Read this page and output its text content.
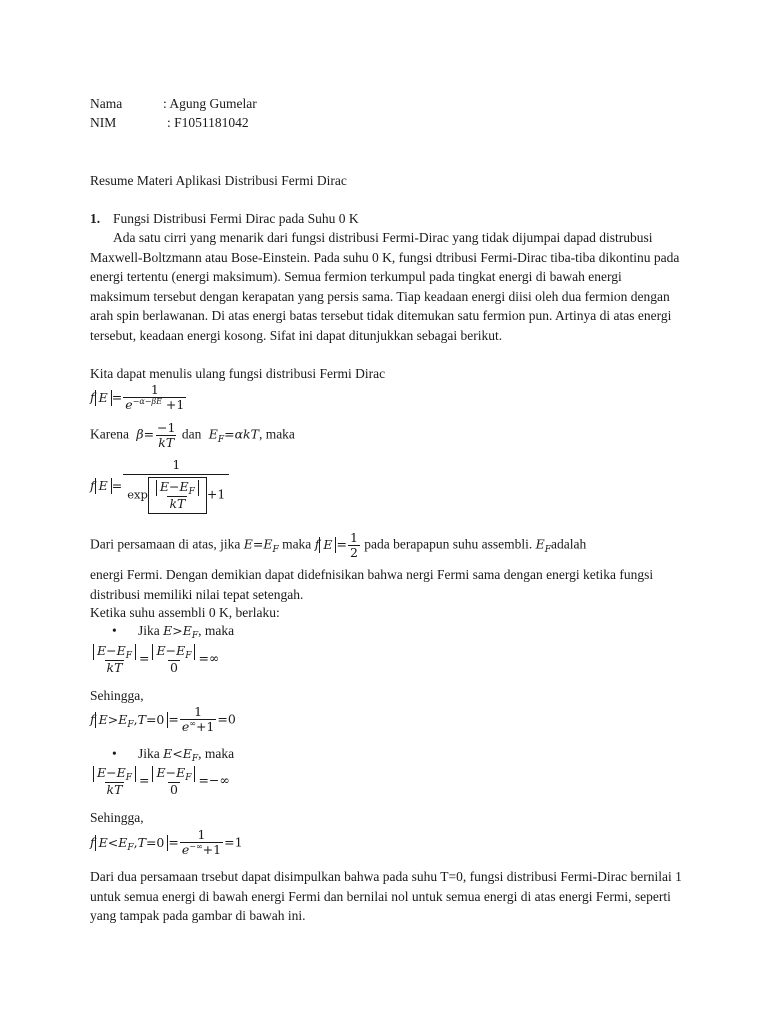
Nama	: Agung Gumelar
NIM	: F1051181042
Resume Materi Aplikasi Distribusi Fermi Dirac
1. Fungsi Distribusi Fermi Dirac pada Suhu 0 K
Ada satu cirri yang menarik dari fungsi distribusi Fermi-Dirac yang tidak dijumpai dapad distrubusi Maxwell-Boltzmann atau Bose-Einstein. Pada suhu 0 K, fungsi dtribusi Fermi-Dirac tiba-tiba dikontinu pada energi tertentu (energi maksimum). Semua fermion terkumpul pada tingkat energi di bawah energi maksimum tersebut dengan kerapatan yang persis sama. Tiap keadaan energi diisi oleh dua fermion dengan arah spin berlawanan. Di atas energi batas tersebut tidak ditemukan satu fermion pun. Artinya di atas energi tersebut, keadaan energi kosong. Sifat ini dapat ditunjukkan sebagai berikut.
Kita dapat menulis ulang fungsi distribusi Fermi Dirac
f $E = \frac{1}{e^{-\alpha-\beta E} +1}$
Karena  $\beta= \frac{-1}{kT}$ dan  $E_F=\alpha kT$, maka
f $E = \frac{1}{\exp \frac{E-E_F}{kT} +1}$
Dari persamaan di atas, jika $E=E_F$ maka f $E = \frac{1}{2}$ pada berapapun suhu assembli. $E_Fadalah$
energi Fermi. Dengan demikian dapat didefnisikan bahwa nergi Fermi sama dengan energi ketika fungsi distribusi memiliki nilai tepat setengah.
Ketika suhu assembli 0 K, berlaku:
• Jika $E>E_F$, maka
$\frac{E-E_F}{kT} = \frac{E-E_F}{0}$ =∞
Sehingga,
f $E>E_F,T=0 = \frac{1}{e^\infty+1} =0$
• Jika $E<E_F$, maka
$\frac{E-E_F}{kT} = \frac{E-E_F}{0}$ =−∞
Sehingga,
f $E<E_F,T=0 = \frac{1}{e^{-\infty}+1} =1$
Dari dua persamaan trsebut dapat disimpulkan bahwa pada suhu T=0, fungsi distribusi Fermi-Dirac bernilai 1 untuk semua energi di bawah energi Fermi dan bernilai nol untuk semua energi di atas energi Fermi, seperti yang tampak pada gambar di bawah ini.
